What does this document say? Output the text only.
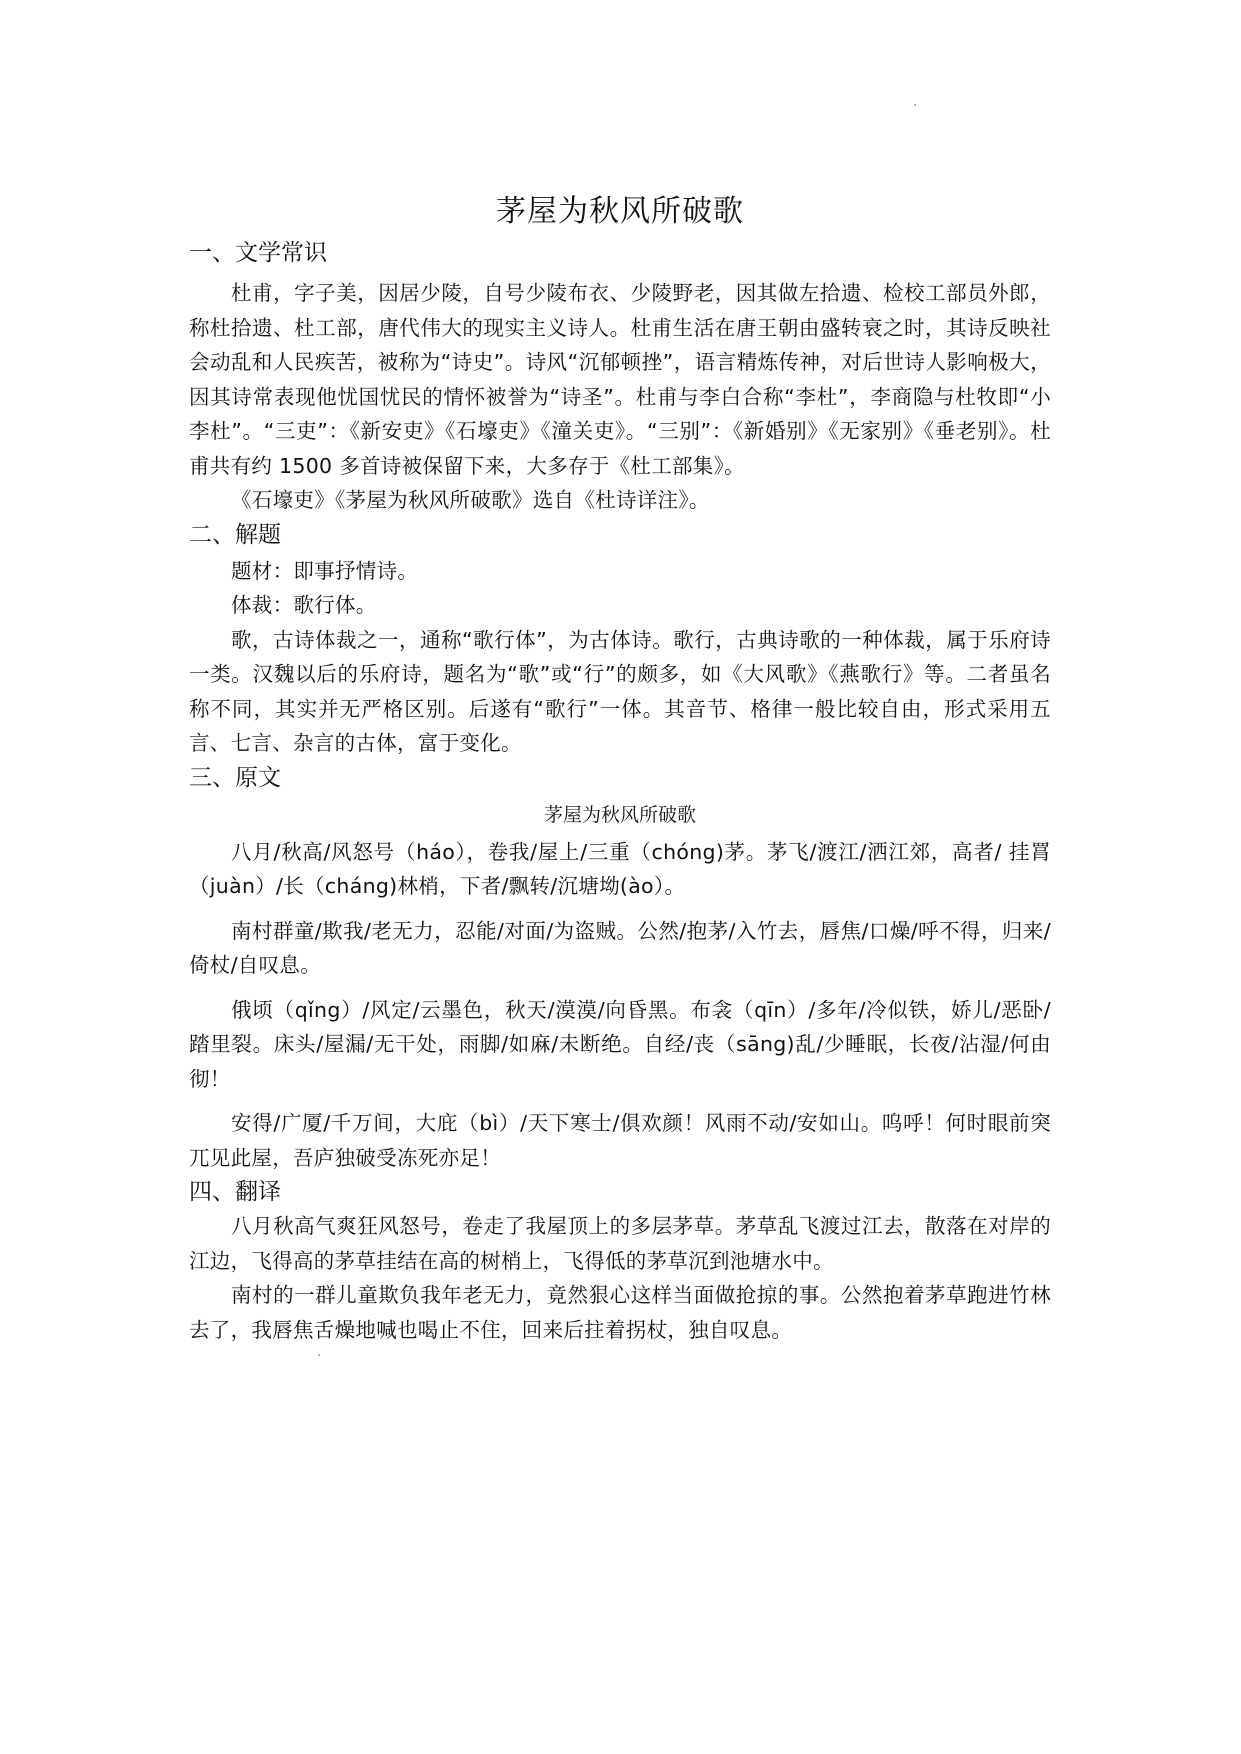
茅屋为秋风所破歌
一、文学常识

杜甫，字子美，因居少陵，自号少陵布衣、少陵野老，因其做左拾遗、检校工部员外郎，称杜拾遗、杜工部，唐代伟大的现实主义诗人。杜甫生活在唐王朝由盛转衰之时，其诗反映社会动乱和人民疾苦，被称为“诗史”。诗风“沉郁顿挫”，语言精炼传神，对后世诗人影响极大，因其诗常表现他忧国忧民的情怀被誉为“诗圣”。杜甫与李白合称“李杜”，李商隐与杜牧即“小李杜”。“三吏”：《新安吏》《石壕吏》《潼关吏》。“三别”：《新婚别》《无家别》《垂老别》。杜甫共有约 1500 多首诗被保留下来，大多存于《杜工部集》。

《石壕吏》《茅屋为秋风所破歌》选自《杜诗详注》。

二、解题

题材：即事抒情诗。

体裁：歌行体。

歌，古诗体裁之一，通称“歌行体”，为古体诗。歌行，古典诗歌的一种体裁，属于乐府诗一类。汉魏以后的乐府诗，题名为“歌”或“行”的颇多，如《大风歌》《燕歌行》等。二者虽名称不同，其实并无严格区别。后遂有“歌行”一体。其音节、格律一般比较自由，形式采用五言、七言、杂言的古体，富于变化。

三、原文
茅屋为秋风所破歌

八月/秋高/风怒号（háo），卷我/屋上/三重（chóng)茅。茅飞/渡江/洒江郊，高者/ 挂罥（juàn）/长（cháng)林梢，下者/飘转/沉塘坳(ào）。

南村群童/欺我/老无力，忍能/对面/为盗贼。公然/抱茅/入竹去，唇焦/口燥/呼不得，归来/倚杖/自叹息。

俄顷（qǐng）/风定/云墨色，秋天/漠漠/向昏黑。布衾（qīn）/多年/冷似铁，娇儿/恶卧/踏里裂。床头/屋漏/无干处，雨脚/如麻/未断绝。自经/丧（sāng)乱/少睡眠，长夜/沾湿/何由彻！

安得/广厦/千万间，大庇（bì）/天下寒士/俱欢颜！风雨不动/安如山。呜呼！何时眼前突兀见此屋，吾庐独破受冻死亦足！

四、翻译

八月秋高气爽狂风怒号，卷走了我屋顶上的多层茅草。茅草乱飞渡过江去，散落在对岸的江边，飞得高的茅草挂结在高的树梢上，飞得低的茅草沉到池塘水中。

南村的一群儿童欺负我年老无力，竟然狠心这样当面做抢掠的事。公然抱着茅草跑进竹林去了，我唇焦舌燥地喊也喝止不住，回来后拄着拐杖，独自叹息。
